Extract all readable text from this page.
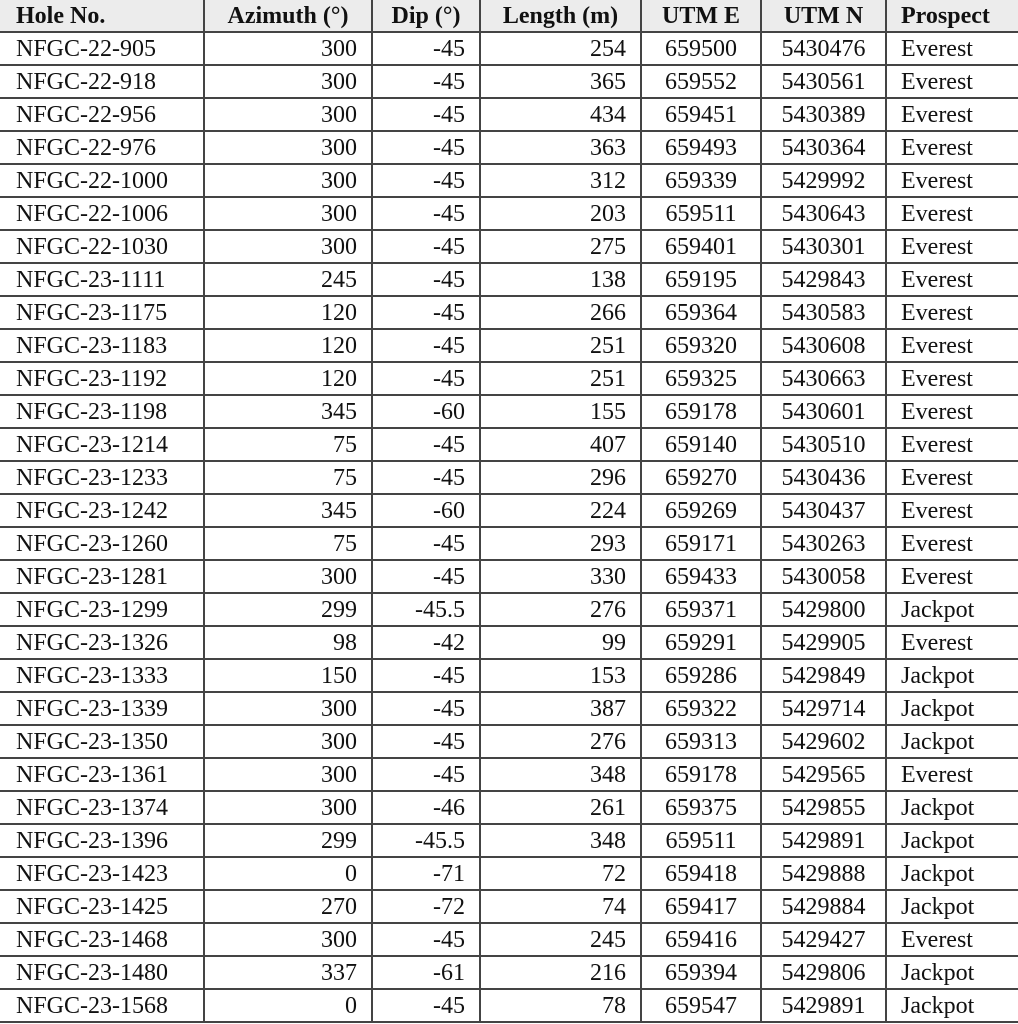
Hole No.	Azimuth (°)	Dip (°)	Length (m)	UTM E	UTM N	Prospect
NFGC-22-905	300	-45	254	659500	5430476	Everest
NFGC-22-918	300	-45	365	659552	5430561	Everest
NFGC-22-956	300	-45	434	659451	5430389	Everest
NFGC-22-976	300	-45	363	659493	5430364	Everest
NFGC-22-1000	300	-45	312	659339	5429992	Everest
NFGC-22-1006	300	-45	203	659511	5430643	Everest
NFGC-22-1030	300	-45	275	659401	5430301	Everest
NFGC-23-1111	245	-45	138	659195	5429843	Everest
NFGC-23-1175	120	-45	266	659364	5430583	Everest
NFGC-23-1183	120	-45	251	659320	5430608	Everest
NFGC-23-1192	120	-45	251	659325	5430663	Everest
NFGC-23-1198	345	-60	155	659178	5430601	Everest
NFGC-23-1214	75	-45	407	659140	5430510	Everest
NFGC-23-1233	75	-45	296	659270	5430436	Everest
NFGC-23-1242	345	-60	224	659269	5430437	Everest
NFGC-23-1260	75	-45	293	659171	5430263	Everest
NFGC-23-1281	300	-45	330	659433	5430058	Everest
NFGC-23-1299	299	-45.5	276	659371	5429800	Jackpot
NFGC-23-1326	98	-42	99	659291	5429905	Everest
NFGC-23-1333	150	-45	153	659286	5429849	Jackpot
NFGC-23-1339	300	-45	387	659322	5429714	Jackpot
NFGC-23-1350	300	-45	276	659313	5429602	Jackpot
NFGC-23-1361	300	-45	348	659178	5429565	Everest
NFGC-23-1374	300	-46	261	659375	5429855	Jackpot
NFGC-23-1396	299	-45.5	348	659511	5429891	Jackpot
NFGC-23-1423	0	-71	72	659418	5429888	Jackpot
NFGC-23-1425	270	-72	74	659417	5429884	Jackpot
NFGC-23-1468	300	-45	245	659416	5429427	Everest
NFGC-23-1480	337	-61	216	659394	5429806	Jackpot
NFGC-23-1568	0	-45	78	659547	5429891	Jackpot
